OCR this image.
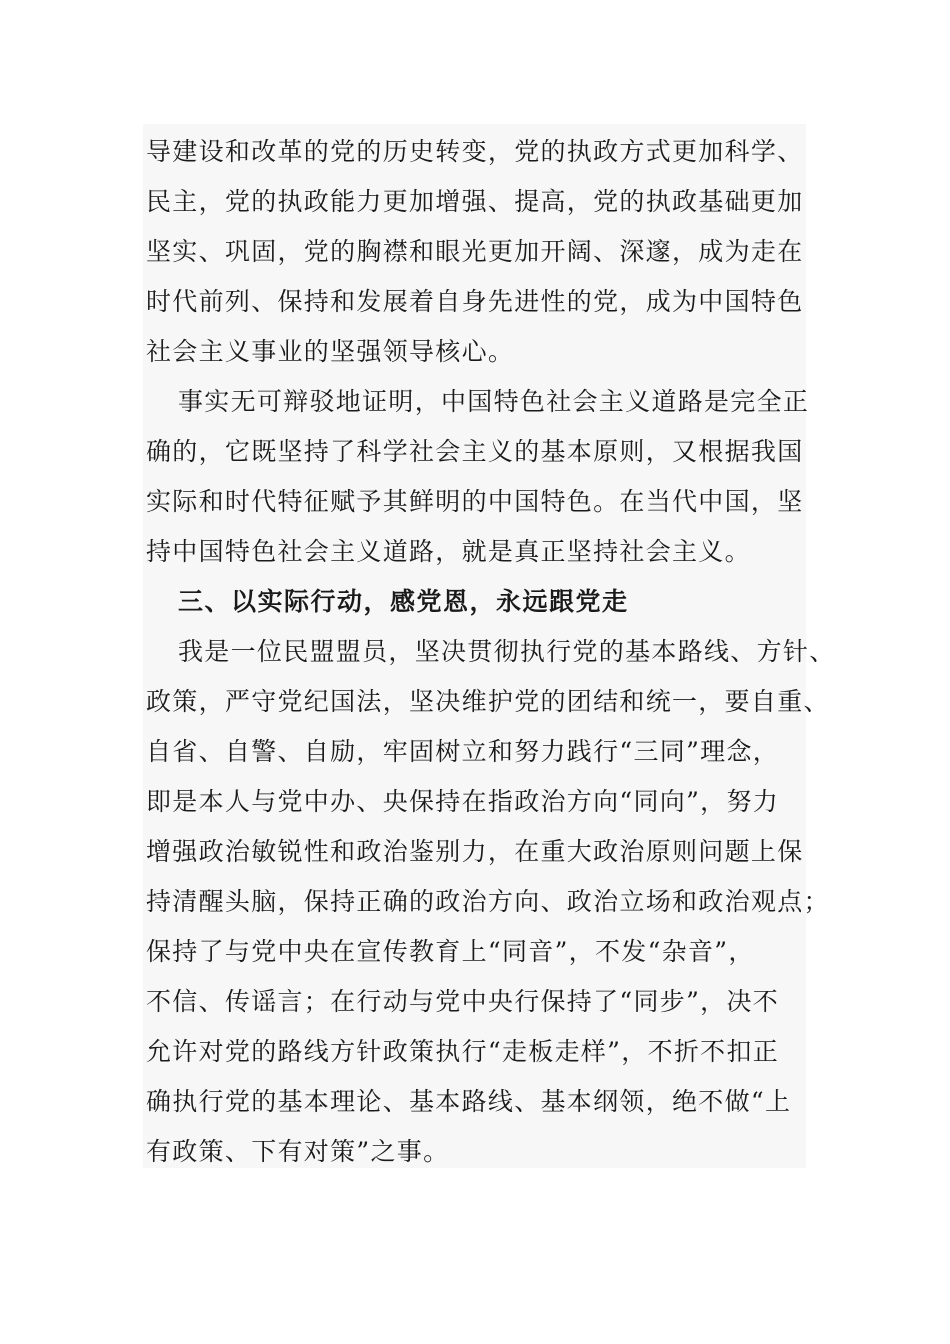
导建设和改革的党的历史转变，党的执政方式更加科学、
民主，党的执政能力更加增强、提高，党的执政基础更加
坚实、巩固，党的胸襟和眼光更加开阔、深邃，成为走在
时代前列、保持和发展着自身先进性的党，成为中国特色
社会主义事业的坚强领导核心。
事实无可辩驳地证明，中国特色社会主义道路是完全正
确的，它既坚持了科学社会主义的基本原则，又根据我国
实际和时代特征赋予其鲜明的中国特色。在当代中国，坚
持中国特色社会主义道路，就是真正坚持社会主义。
三、以实际行动，感党恩，永远跟党走
我是一位民盟盟员，坚决贯彻执行党的基本路线、方针、
政策，严守党纪国法，坚决维护党的团结和统一，要自重、
自省、自警、自励，牢固树立和努力践行“三同”理念，
即是本人与党中办、央保持在指政治方向“同向”，努力
增强政治敏锐性和政治鉴别力，在重大政治原则问题上保
持清醒头脑，保持正确的政治方向、政治立场和政治观点；
保持了与党中央在宣传教育上“同音”，不发“杂音”，
不信、传谣言；在行动与党中央行保持了“同步”，决不
允许对党的路线方针政策执行“走板走样”，不折不扣正
确执行党的基本理论、基本路线、基本纲领，绝不做“上
有政策、下有对策”之事。
